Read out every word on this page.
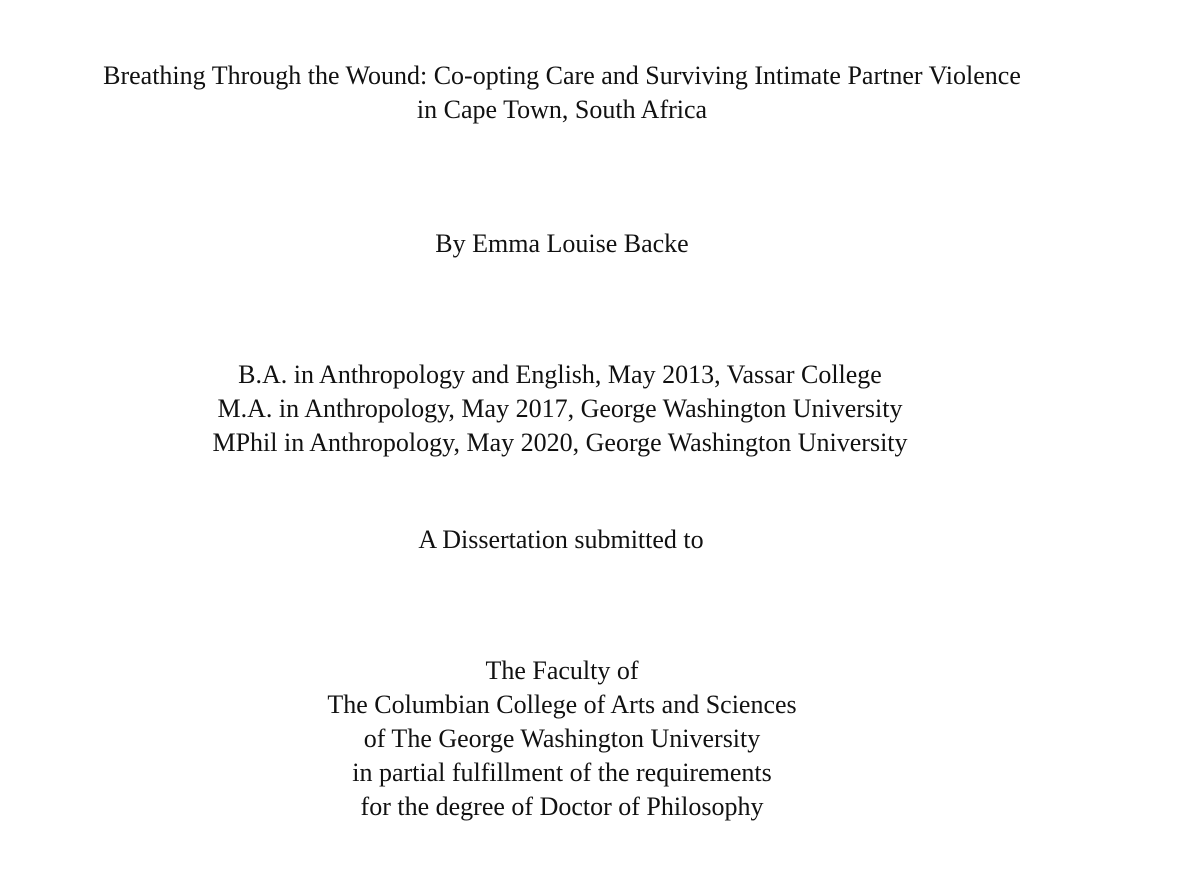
Breathing Through the Wound: Co-opting Care and Surviving Intimate Partner Violence
in Cape Town, South Africa
By Emma Louise Backe
B.A. in Anthropology and English, May 2013, Vassar College
M.A. in Anthropology, May 2017, George Washington University
MPhil in Anthropology, May 2020, George Washington University
A Dissertation submitted to
The Faculty of
The Columbian College of Arts and Sciences
of The George Washington University
in partial fulfillment of the requirements
for the degree of Doctor of Philosophy
